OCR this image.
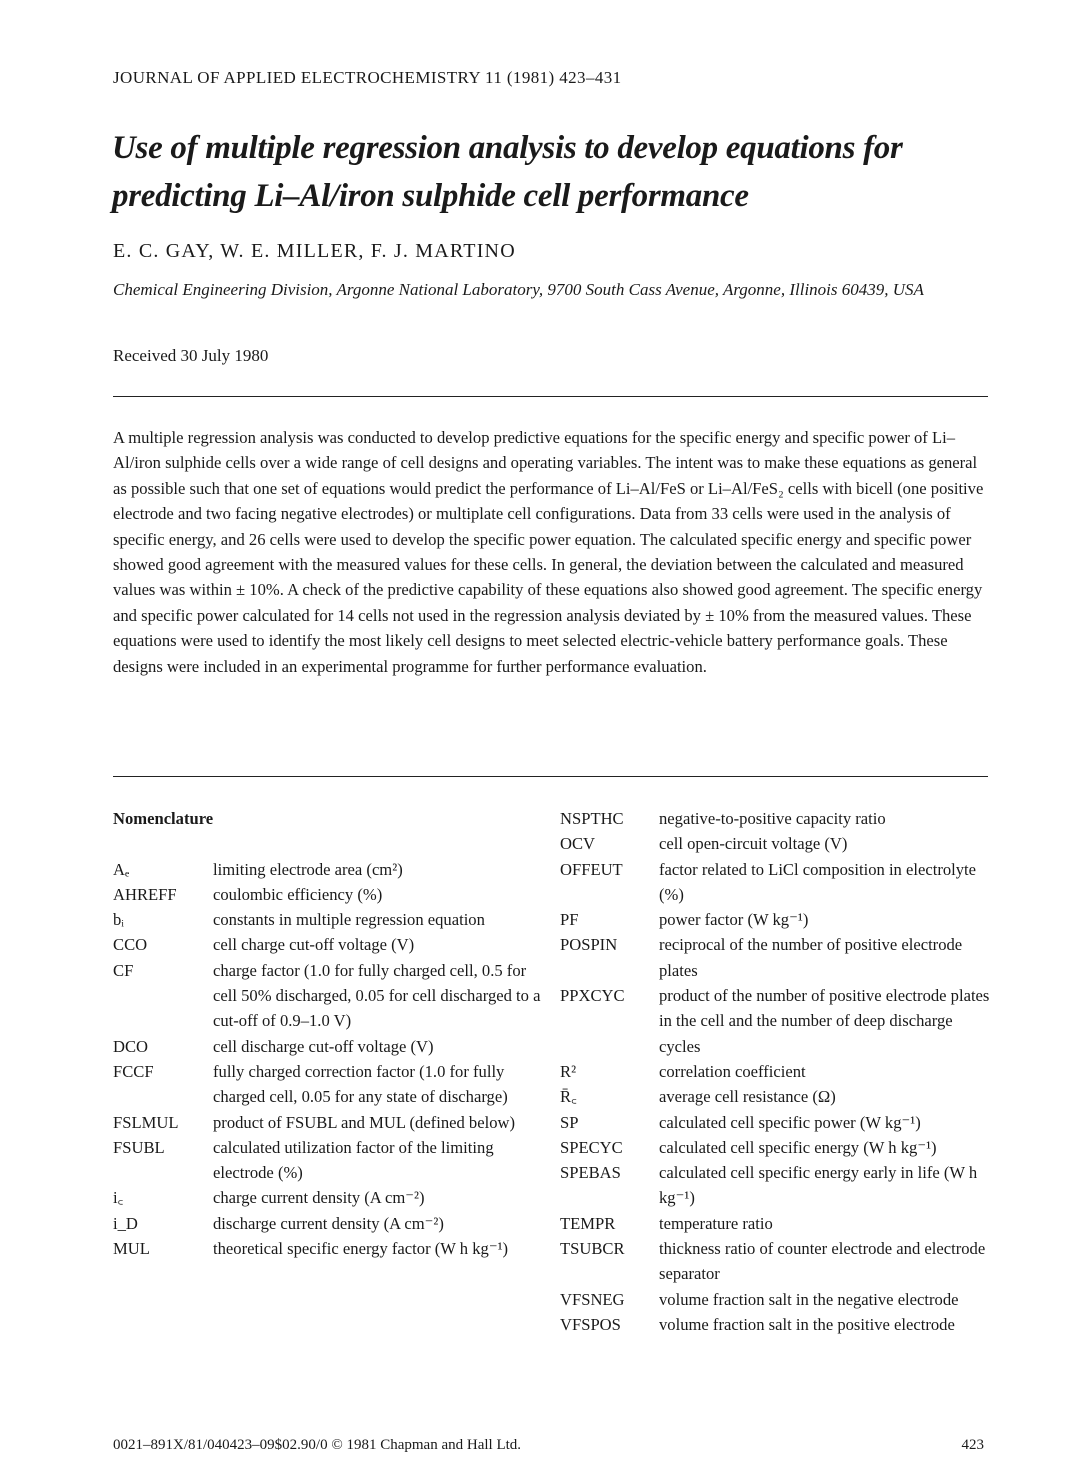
JOURNAL OF APPLIED ELECTROCHEMISTRY 11 (1981) 423–431
Use of multiple regression analysis to develop equations for predicting Li–Al/iron sulphide cell performance
E. C. GAY, W. E. MILLER, F. J. MARTINO
Chemical Engineering Division, Argonne National Laboratory, 9700 South Cass Avenue, Argonne, Illinois 60439, USA
Received 30 July 1980

A multiple regression analysis was conducted to develop predictive equations for the specific energy and specific power of Li–Al/iron sulphide cells over a wide range of cell designs and operating variables. The intent was to make these equations as general as possible such that one set of equations would predict the performance of Li–Al/FeS or Li–Al/FeS₂ cells with bicell (one positive electrode and two facing negative electrodes) or multiplate cell configurations. Data from 33 cells were used in the analysis of specific energy, and 26 cells were used to develop the specific power equation. The calculated specific energy and specific power showed good agreement with the measured values for these cells. In general, the deviation between the calculated and measured values was within ± 10%. A check of the predictive capability of these equations also showed good agreement. The specific energy and specific power calculated for 14 cells not used in the regression analysis deviated by ± 10% from the measured values. These equations were used to identify the most likely cell designs to meet selected electric-vehicle battery performance goals. These designs were included in an experimental programme for further performance evaluation.

Nomenclature
Aₑ	limiting electrode area (cm²)
AHREFF	coulombic efficiency (%)
bᵢ	constants in multiple regression equation
CCO	cell charge cut-off voltage (V)
CF	charge factor (1.0 for fully charged cell, 0.5 for cell 50% discharged, 0.05 for cell discharged to a cut-off of 0.9–1.0 V)
DCO	cell discharge cut-off voltage (V)
FCCF	fully charged correction factor (1.0 for fully charged cell, 0.05 for any state of discharge)
FSLMUL	product of FSUBL and MUL (defined below)
FSUBL	calculated utilization factor of the limiting electrode (%)
i꜀	charge current density (A cm⁻²)
i_D	discharge current density (A cm⁻²)
MUL	theoretical specific energy factor (W h kg⁻¹)
NSPTHC	negative-to-positive capacity ratio
OCV	cell open-circuit voltage (V)
OFFEUT	factor related to LiCl composition in electrolyte (%)
PF	power factor (W kg⁻¹)
POSPIN	reciprocal of the number of positive electrode plates
PPXCYC	product of the number of positive electrode plates in the cell and the number of deep discharge cycles
R²	correlation coefficient
R̄꜀	average cell resistance (Ω)
SP	calculated cell specific power (W kg⁻¹)
SPECYC	calculated cell specific energy (W h kg⁻¹)
SPEBAS	calculated cell specific energy early in life (W h kg⁻¹)
TEMPR	temperature ratio
TSUBCR	thickness ratio of counter electrode and electrode separator
VFSNEG	volume fraction salt in the negative electrode
VFSPOS	volume fraction salt in the positive electrode
0021–891X/81/040423–09$02.90/0 © 1981 Chapman and Hall Ltd.	423
